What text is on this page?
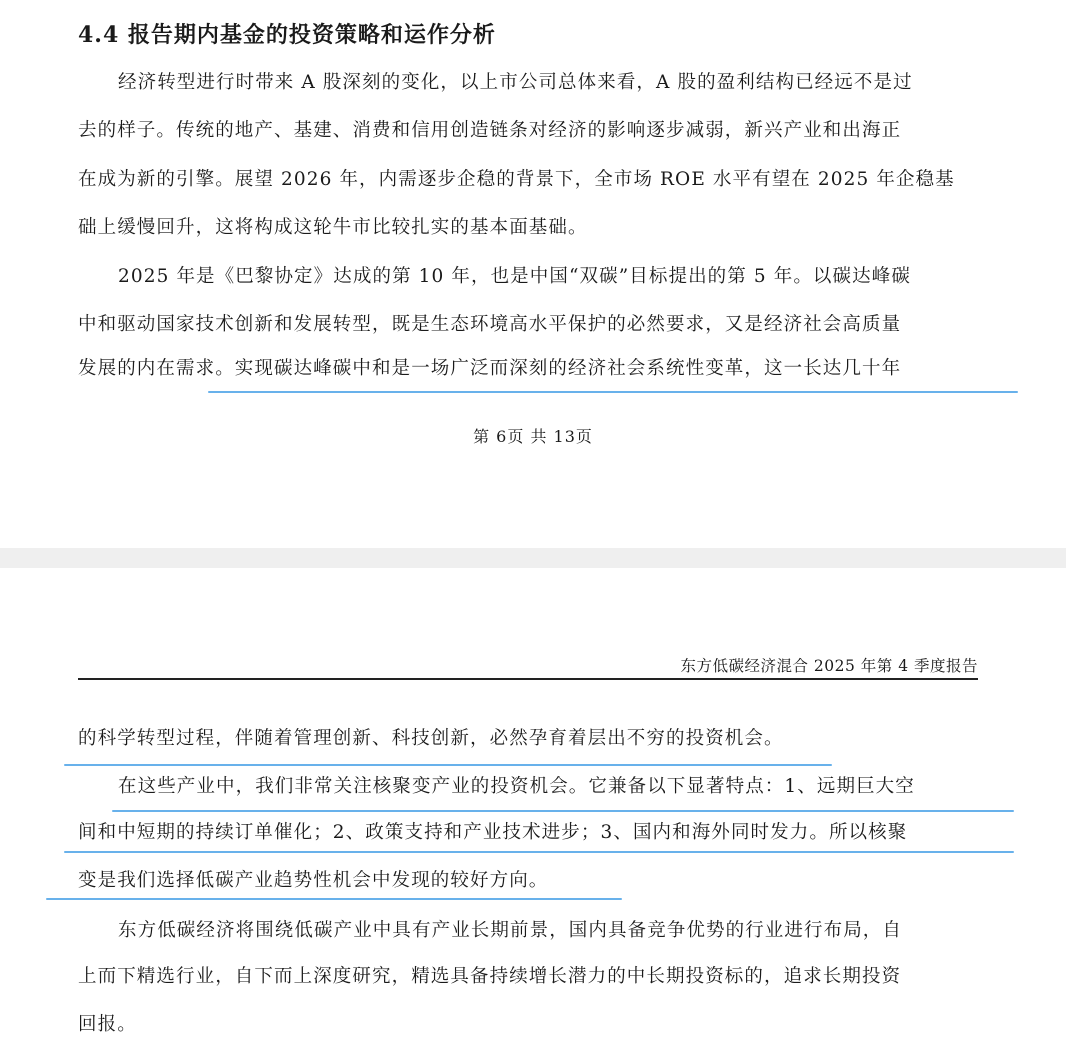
4.4 报告期内基金的投资策略和运作分析
经济转型进行时带来 A 股深刻的变化，以上市公司总体来看，A 股的盈利结构已经远不是过
去的样子。传统的地产、基建、消费和信用创造链条对经济的影响逐步减弱，新兴产业和出海正
在成为新的引擎。展望 2026 年，内需逐步企稳的背景下，全市场 ROE 水平有望在 2025 年企稳基
础上缓慢回升，这将构成这轮牛市比较扎实的基本面基础。
2025 年是《巴黎协定》达成的第 10 年，也是中国“双碳”目标提出的第 5 年。以碳达峰碳
中和驱动国家技术创新和发展转型，既是生态环境高水平保护的必然要求，又是经济社会高质量
发展的内在需求。实现碳达峰碳中和是一场广泛而深刻的经济社会系统性变革，这一长达几十年
第 6页 共 13页
东方低碳经济混合 2025 年第 4 季度报告
的科学转型过程，伴随着管理创新、科技创新，必然孕育着层出不穷的投资机会。
在这些产业中，我们非常关注核聚变产业的投资机会。它兼备以下显著特点：1、远期巨大空
间和中短期的持续订单催化；2、政策支持和产业技术进步；3、国内和海外同时发力。所以核聚
变是我们选择低碳产业趋势性机会中发现的较好方向。
东方低碳经济将围绕低碳产业中具有产业长期前景，国内具备竞争优势的行业进行布局，自
上而下精选行业，自下而上深度研究，精选具备持续增长潜力的中长期投资标的，追求长期投资
回报。
